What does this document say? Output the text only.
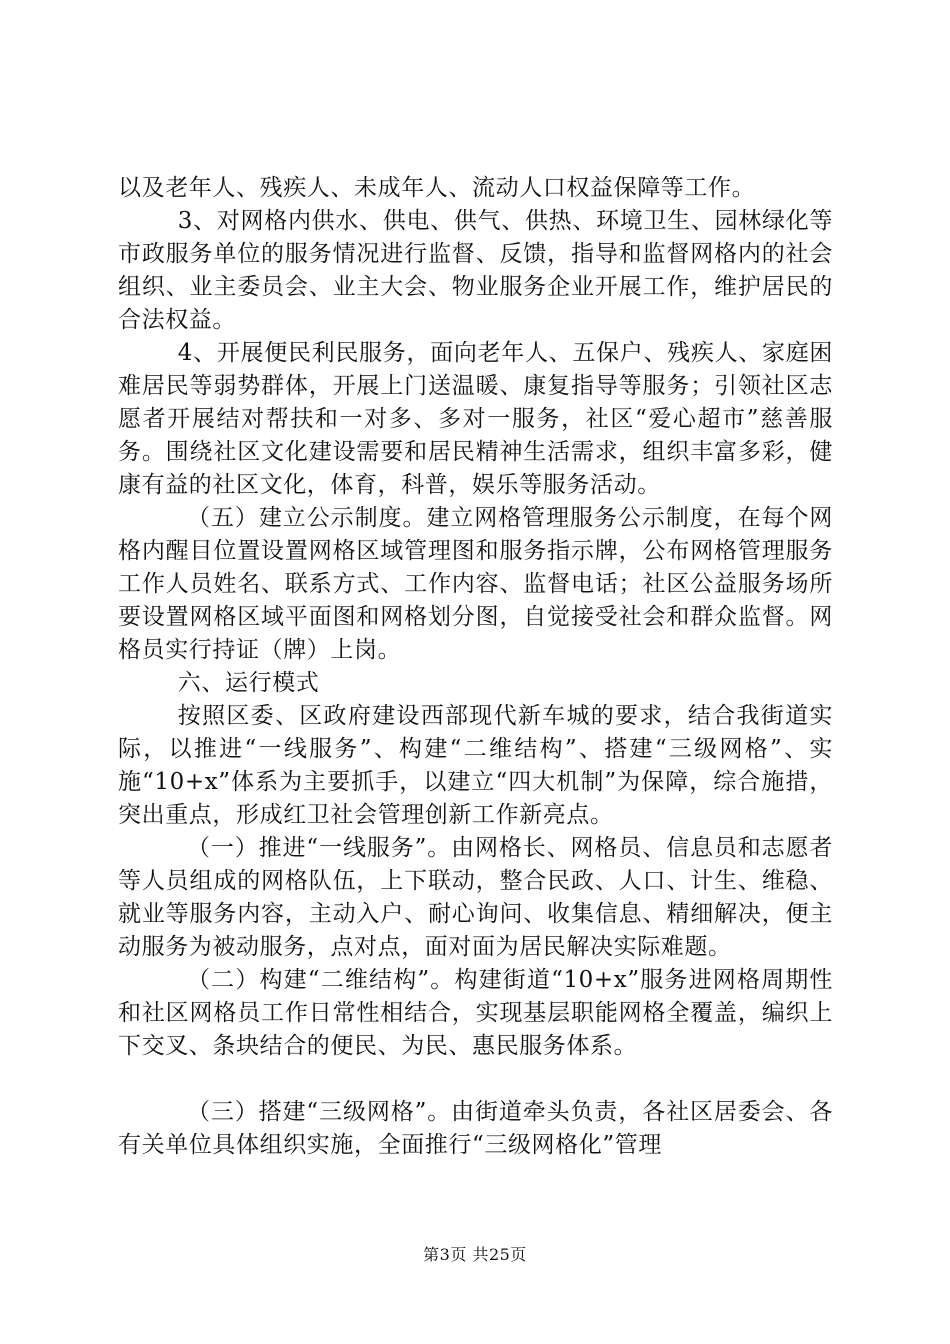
以及老年人、残疾人、未成年人、流动人口权益保障等工作。

3、对网格内供水、供电、供气、供热、环境卫生、园林绿化等市政服务单位的服务情况进行监督、反馈，指导和监督网格内的社会组织、业主委员会、业主大会、物业服务企业开展工作，维护居民的合法权益。

4、开展便民利民服务，面向老年人、五保户、残疾人、家庭困难居民等弱势群体，开展上门送温暖、康复指导等服务；引领社区志愿者开展结对帮扶和一对多、多对一服务，社区“爱心超市”慈善服务。围绕社区文化建设需要和居民精神生活需求，组织丰富多彩，健康有益的社区文化，体育，科普，娱乐等服务活动。

（五）建立公示制度。建立网格管理服务公示制度，在每个网格内醒目位置设置网格区域管理图和服务指示牌，公布网格管理服务工作人员姓名、联系方式、工作内容、监督电话；社区公益服务场所要设置网格区域平面图和网格划分图，自觉接受社会和群众监督。网格员实行持证（牌）上岗。

六、运行模式

按照区委、区政府建设西部现代新车城的要求，结合我街道实际，以推进“一线服务”、构建“二维结构”、搭建“三级网格”、实施“10+x”体系为主要抓手，以建立“四大机制”为保障，综合施措，突出重点，形成红卫社会管理创新工作新亮点。

（一）推进“一线服务”。由网格长、网格员、信息员和志愿者等人员组成的网格队伍，上下联动，整合民政、人口、计生、维稳、就业等服务内容，主动入户、耐心询问、收集信息、精细解决，便主动服务为被动服务，点对点，面对面为居民解决实际难题。

（二）构建“二维结构”。构建街道“10+x”服务进网格周期性和社区网格员工作日常性相结合，实现基层职能网格全覆盖，编织上下交叉、条块结合的便民、为民、惠民服务体系。

（三）搭建“三级网格”。由街道牵头负责，各社区居委会、各有关单位具体组织实施，全面推行“三级网格化”管理

第3页 共25页
